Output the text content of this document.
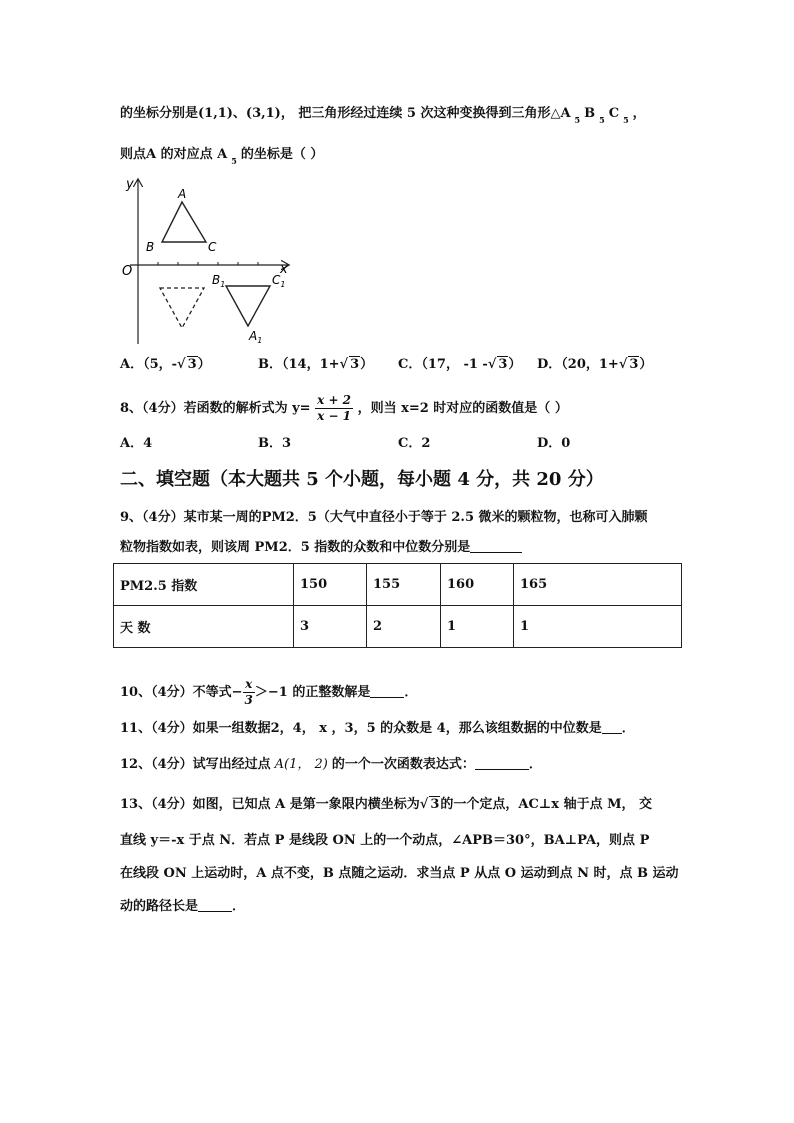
的坐标分别是(1,1)、(3,1)， 把三角形经过连续 5 次这种变换得到三角形△A $_5$ B $_5$ C $_5$ ，
则点A 的对应点 A $_5$ 的坐标是（ ）
y
x
O
A
B	C
$B_1$	$C_1$
$A_1$
A．（5，-√ 3）	B．（14，1+√ 3） C．（17， -1 -√ 3） D．（20，1+√ 3）
8、（4分）若函数的解析式为 $y= \frac{x + 2}{x - 1}$ ，则当 x=2 时对应的函数值是（ ）
A．4	B．3	C．2	D．0
二、填空题（本大题共 5 个小题，每小题 4 分，共 20 分）
9、（4分）某市某一周的PM2．5（大气中直径小于等于 2.5 微米的颗粒物，也称可入肺颗
粒物指数如表，则该周 PM2．5 指数的众数和中位数分别是
PM2.5 指数	150	155	160	165
天 数	3	2	1	1
10、（4分）不等式− $\frac{x}{3} >-1$ 的正整数解是	．
11、（4分）如果一组数据2，4， x ，3，5 的众数是 4，那么该组数据的中位数是 ．
12、（4分）试写出经过点 A(1， 2) 的一个一次函数表达式：	．
13、（4分）如图，已知点 A 是第一象限内横坐标为√ 3的一个定点，AC⊥x 轴于点 M， 交
直线 y＝-x 于点 N．若点 P 是线段 ON 上的一个动点，∠APB＝30°，BA⊥PA，则点 P
在线段 ON 上运动时，A 点不变，B 点随之运动．求当点 P 从点 O 运动到点 N 时，点 B 运动
动的路径长是	．
